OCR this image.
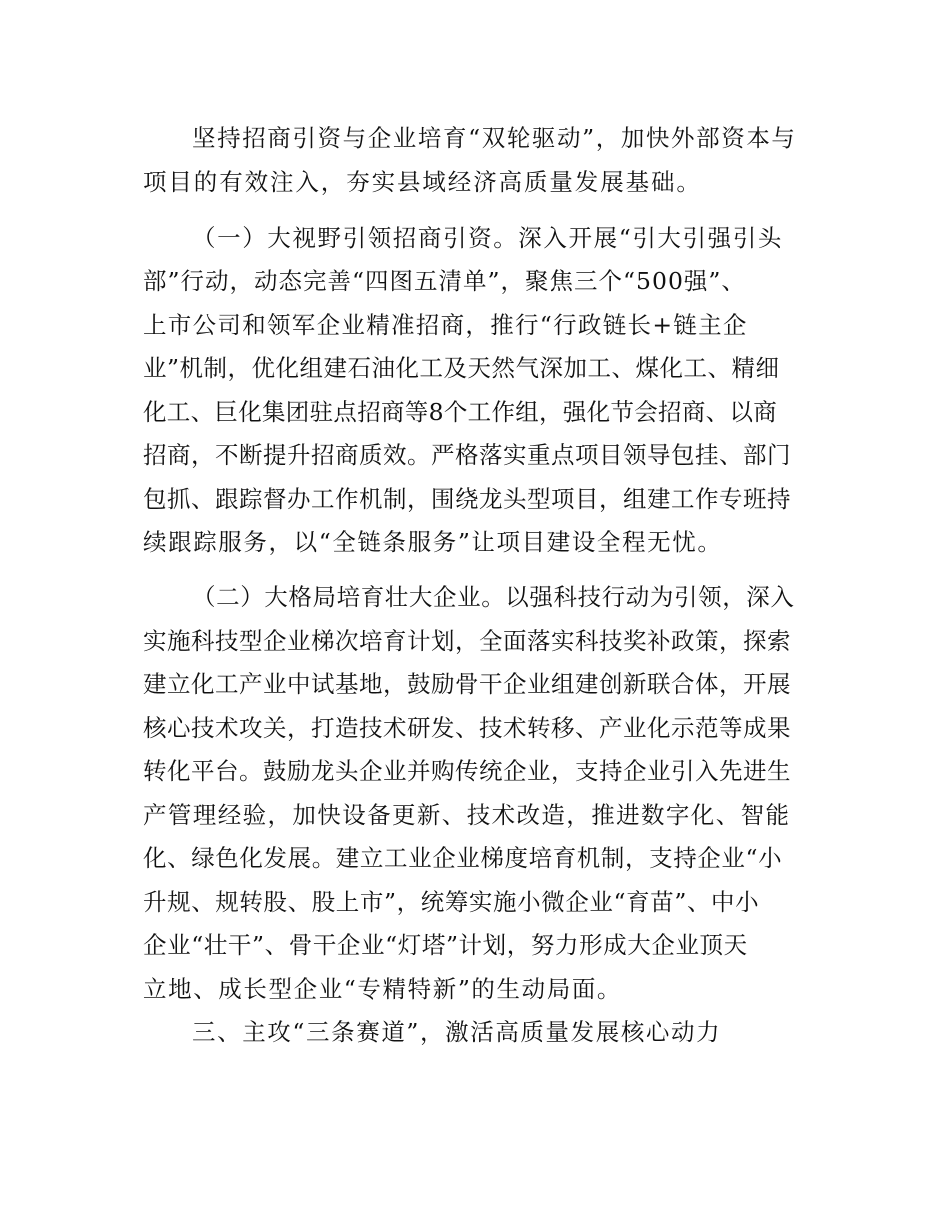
坚持招商引资与企业培育“双轮驱动”，加快外部资本与
项目的有效注入，夯实县域经济高质量发展基础。
（一）大视野引领招商引资。深入开展“引大引强引头
部”行动，动态完善“四图五清单”，聚焦三个“500强”、
上市公司和领军企业精准招商，推行“行政链长+链主企
业”机制，优化组建石油化工及天然气深加工、煤化工、精细
化工、巨化集团驻点招商等8个工作组，强化节会招商、以商
招商，不断提升招商质效。严格落实重点项目领导包挂、部门
包抓、跟踪督办工作机制，围绕龙头型项目，组建工作专班持
续跟踪服务，以“全链条服务”让项目建设全程无忧。
（二）大格局培育壮大企业。以强科技行动为引领，深入
实施科技型企业梯次培育计划，全面落实科技奖补政策，探索
建立化工产业中试基地，鼓励骨干企业组建创新联合体，开展
核心技术攻关，打造技术研发、技术转移、产业化示范等成果
转化平台。鼓励龙头企业并购传统企业，支持企业引入先进生
产管理经验，加快设备更新、技术改造，推进数字化、智能
化、绿色化发展。建立工业企业梯度培育机制，支持企业“小
升规、规转股、股上市”，统筹实施小微企业“育苗”、中小
企业“壮干”、骨干企业“灯塔”计划，努力形成大企业顶天
立地、成长型企业“专精特新”的生动局面。
三、主攻“三条赛道”，激活高质量发展核心动力
